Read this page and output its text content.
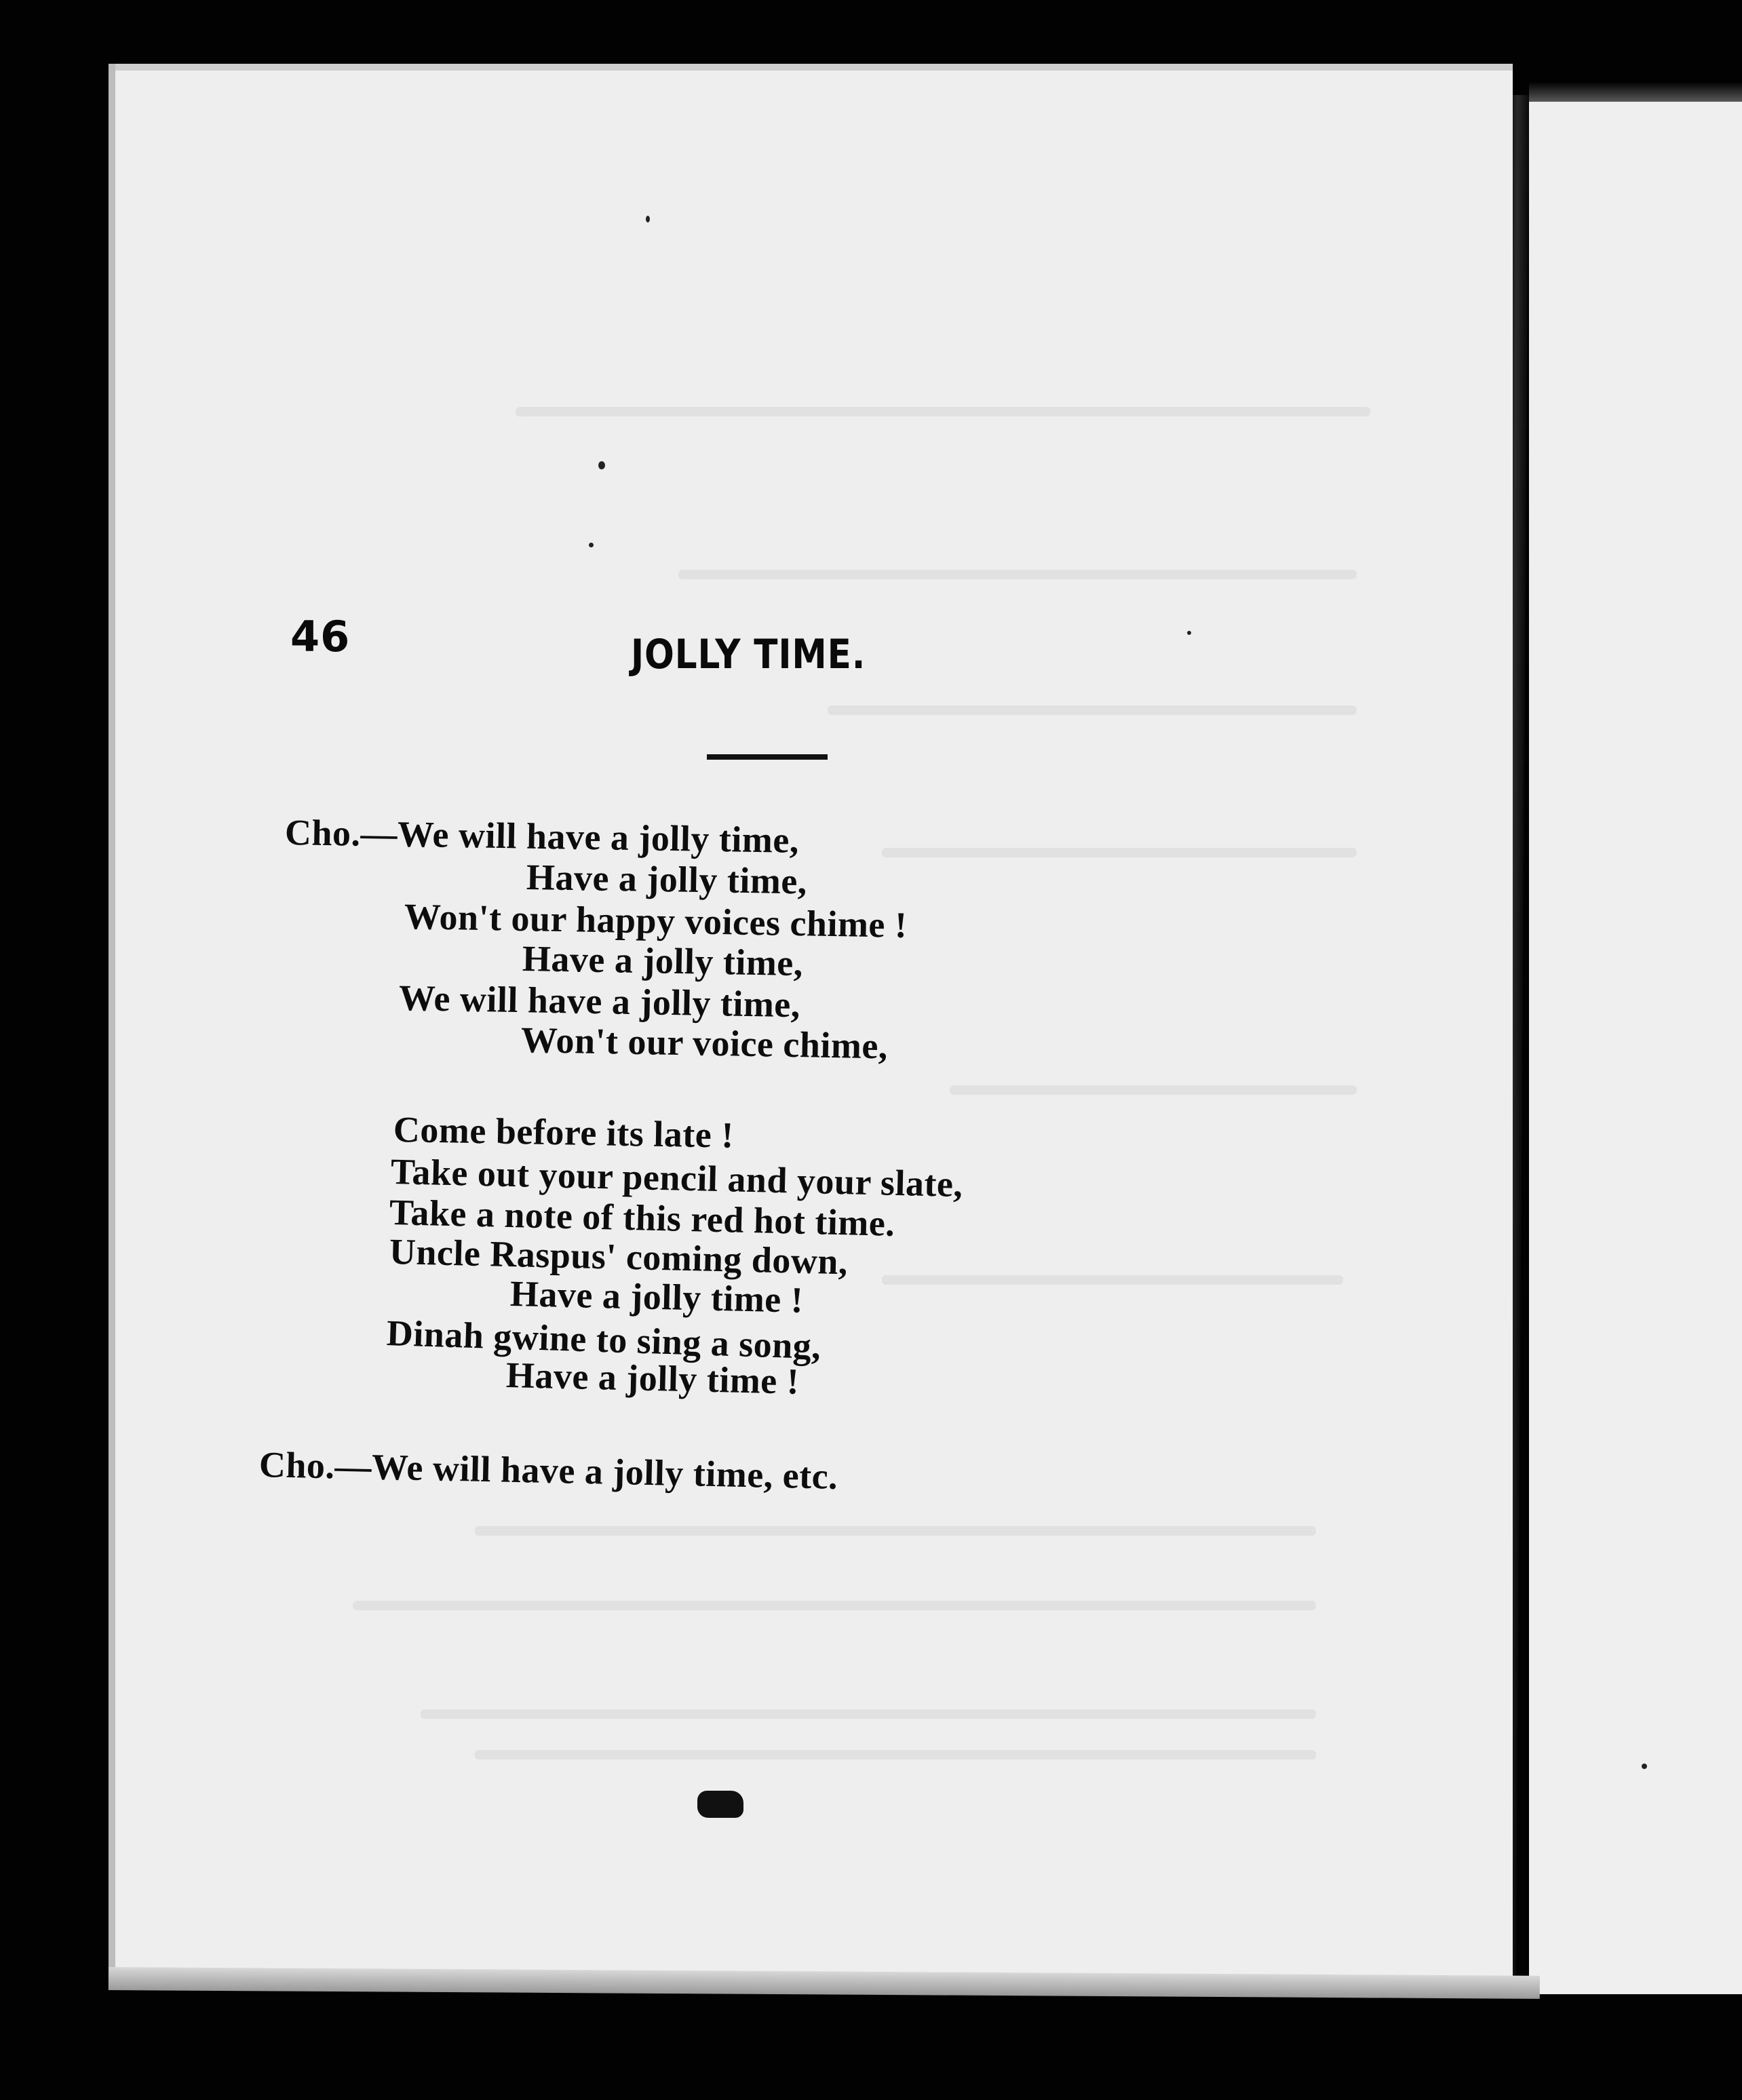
46	JOLLY TIME.
Cho.—We will have a jolly time,
Have a jolly time,
Won't our happy voices chime !
Have a jolly time,
We will have a jolly time,
Won't our voice chime,
Come before its late !
Take out your pencil and your slate,
Take a note of this red hot time.
Uncle Raspus' coming down,
Have a jolly time !
Dinah gwine to sing a song,
Have a jolly time !
Cho.—We will have a jolly time, etc.
